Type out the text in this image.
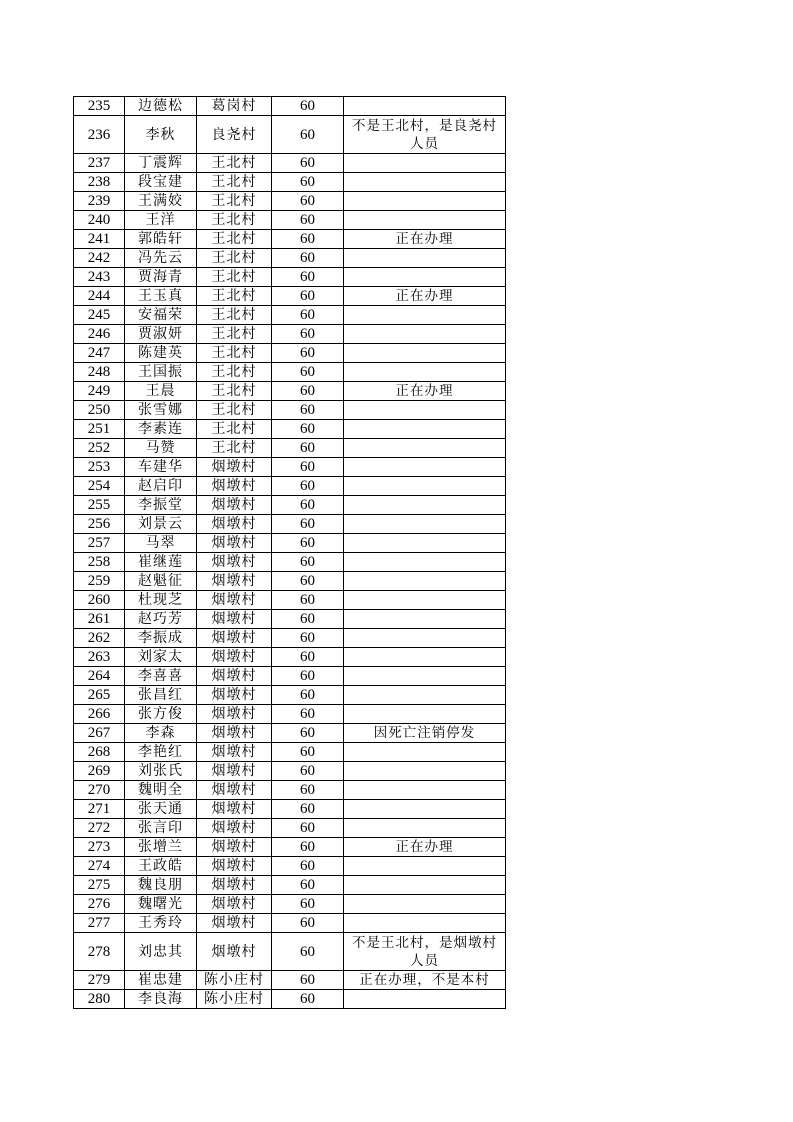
235	边德松	葛岗村	60	
236	李秋	良尧村	60	不是王北村，是良尧村人员
237	丁震辉	王北村	60	
238	段宝建	王北村	60	
239	王满姣	王北村	60	
240	王洋	王北村	60	
241	郭皓轩	王北村	60	正在办理
242	冯先云	王北村	60	
243	贾海青	王北村	60	
244	王玉真	王北村	60	正在办理
245	安福荣	王北村	60	
246	贾淑妍	王北村	60	
247	陈建英	王北村	60	
248	王国振	王北村	60	
249	王晨	王北村	60	正在办理
250	张雪娜	王北村	60	
251	李素连	王北村	60	
252	马赞	王北村	60	
253	车建华	烟墩村	60	
254	赵启印	烟墩村	60	
255	李振堂	烟墩村	60	
256	刘景云	烟墩村	60	
257	马翠	烟墩村	60	
258	崔继莲	烟墩村	60	
259	赵魁征	烟墩村	60	
260	杜现芝	烟墩村	60	
261	赵巧芳	烟墩村	60	
262	李振成	烟墩村	60	
263	刘家太	烟墩村	60	
264	李喜喜	烟墩村	60	
265	张昌红	烟墩村	60	
266	张方俊	烟墩村	60	
267	李森	烟墩村	60	因死亡注销停发
268	李艳红	烟墩村	60	
269	刘张氏	烟墩村	60	
270	魏明全	烟墩村	60	
271	张天通	烟墩村	60	
272	张言印	烟墩村	60	
273	张增兰	烟墩村	60	正在办理
274	王政皓	烟墩村	60	
275	魏良朋	烟墩村	60	
276	魏曙光	烟墩村	60	
277	王秀玲	烟墩村	60	
278	刘忠其	烟墩村	60	不是王北村，是烟墩村人员
279	崔忠建	陈小庄村	60	正在办理，不是本村
280	李良海	陈小庄村	60	
